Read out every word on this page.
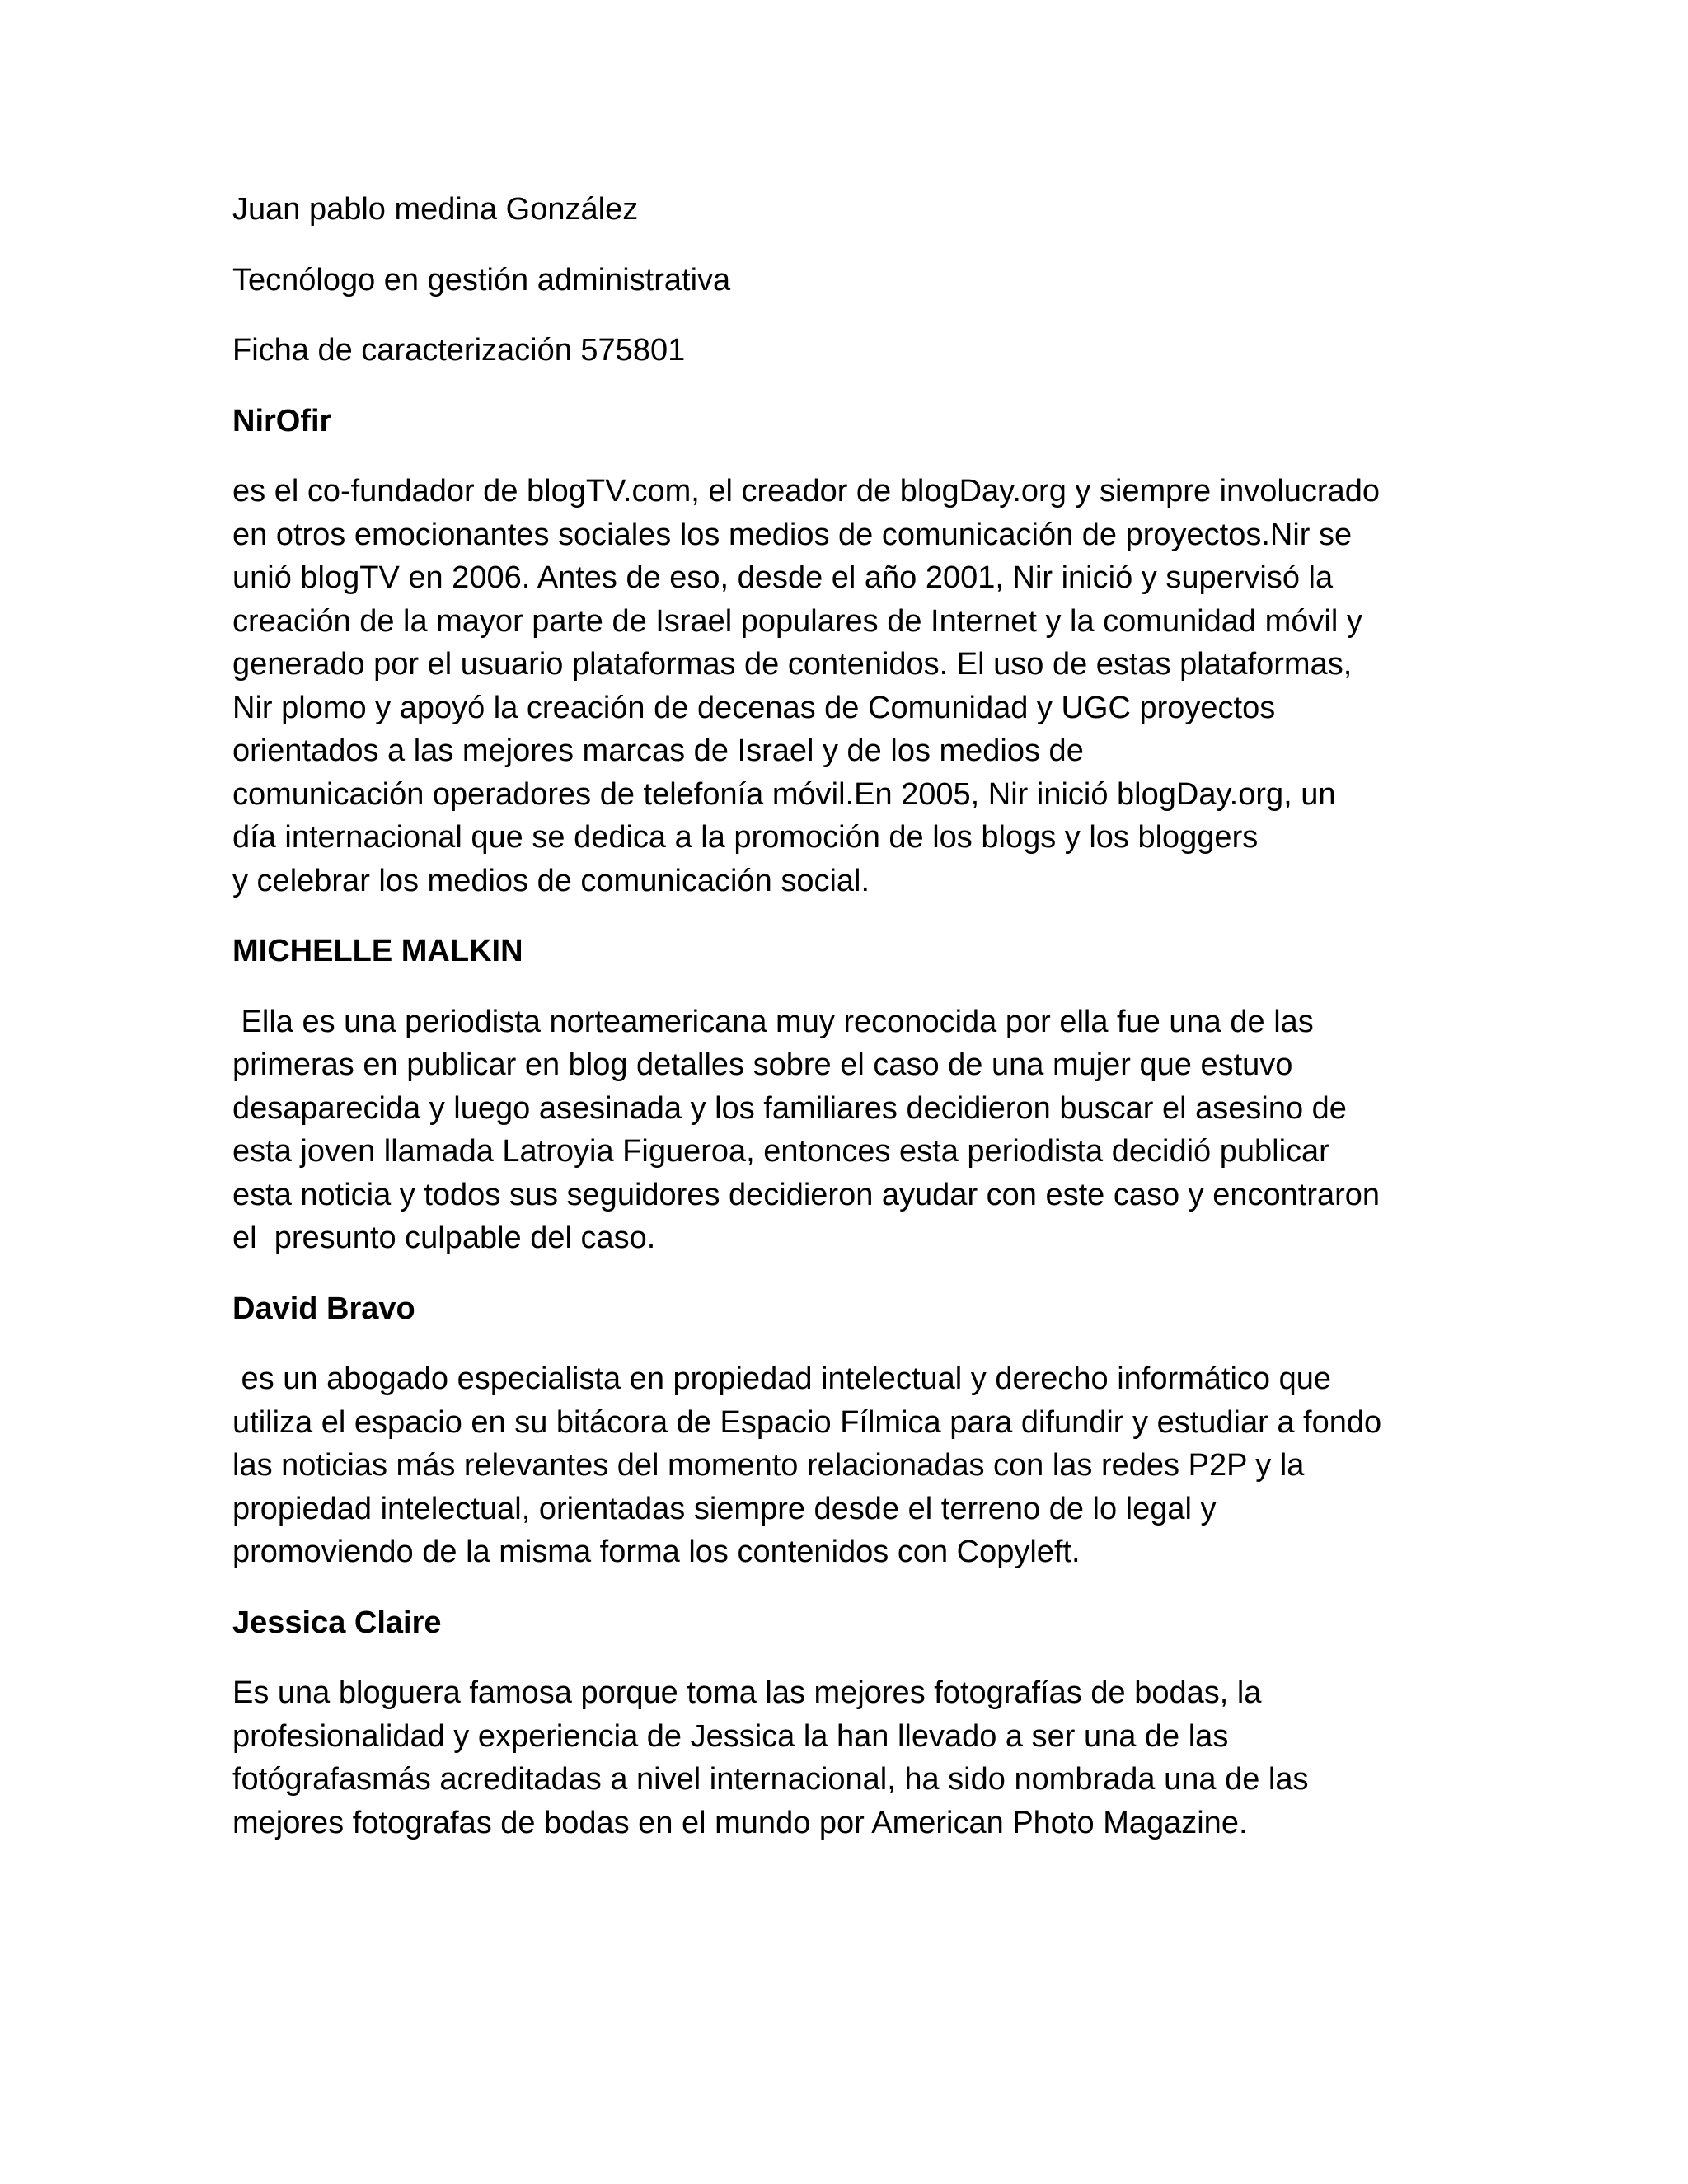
Juan pablo medina González

Tecnólogo en gestión administrativa

Ficha de caracterización 575801

NirOfir

es el co-fundador de blogTV.com, el creador de blogDay.org y siempre involucrado
en otros emocionantes sociales los medios de comunicación de proyectos.Nir se
unió blogTV en 2006. Antes de eso, desde el año 2001, Nir inició y supervisó la
creación de la mayor parte de Israel populares de Internet y la comunidad móvil y
generado por el usuario plataformas de contenidos. El uso de estas plataformas,
Nir plomo y apoyó la creación de decenas de Comunidad y UGC proyectos
orientados a las mejores marcas de Israel y de los medios de
comunicación operadores de telefonía móvil.En 2005, Nir inició blogDay.org, un
día internacional que se dedica a la promoción de los blogs y los bloggers
y celebrar los medios de comunicación social.

MICHELLE MALKIN

Ella es una periodista norteamericana muy reconocida por ella fue una de las
primeras en publicar en blog detalles sobre el caso de una mujer que estuvo
desaparecida y luego asesinada y los familiares decidieron buscar el asesino de
esta joven llamada Latroyia Figueroa, entonces esta periodista decidió publicar
esta noticia y todos sus seguidores decidieron ayudar con este caso y encontraron
el  presunto culpable del caso.

David Bravo

es un abogado especialista en propiedad intelectual y derecho informático que
utiliza el espacio en su bitácora de Espacio Fílmica para difundir y estudiar a fondo
las noticias más relevantes del momento relacionadas con las redes P2P y la
propiedad intelectual, orientadas siempre desde el terreno de lo legal y
promoviendo de la misma forma los contenidos con Copyleft.

Jessica Claire

Es una bloguera famosa porque toma las mejores fotografías de bodas, la
profesionalidad y experiencia de Jessica la han llevado a ser una de las
fotógrafasmás acreditadas a nivel internacional, ha sido nombrada una de las
mejores fotografas de bodas en el mundo por American Photo Magazine.
